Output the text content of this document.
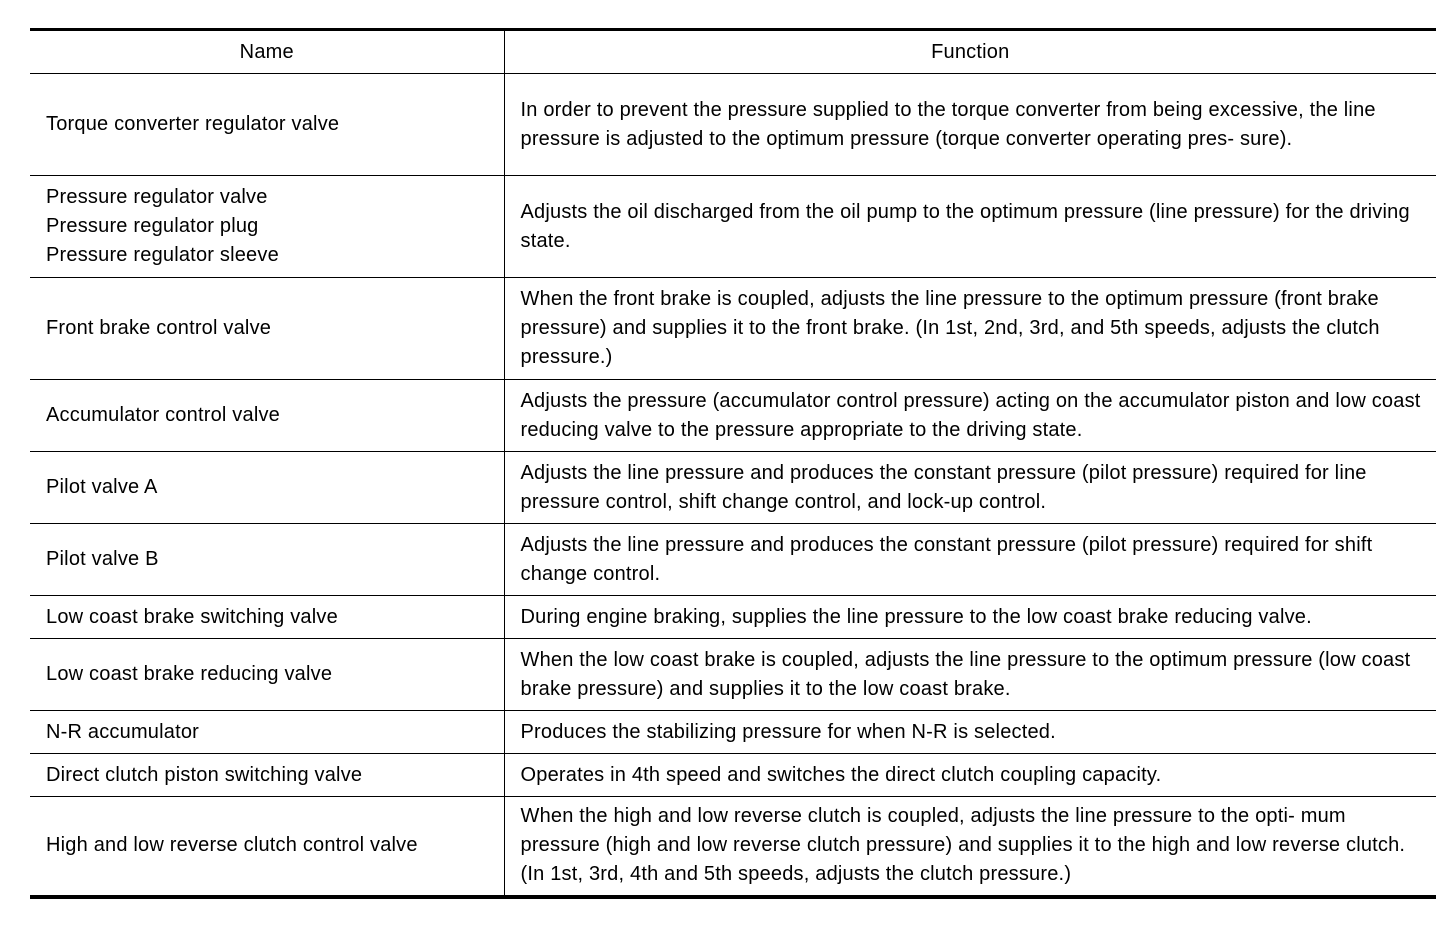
Name	Function
Torque converter regulator valve	In order to prevent the pressure supplied to the torque converter from being excessive, the line pressure is adjusted to the optimum pressure (torque converter operating pres- sure).
Pressure regulator valve
Pressure regulator plug
Pressure regulator sleeve	Adjusts the oil discharged from the oil pump to the optimum pressure (line pressure) for the driving state.
Front brake control valve	When the front brake is coupled, adjusts the line pressure to the optimum pressure (front brake pressure) and supplies it to the front brake. (In 1st, 2nd, 3rd, and 5th speeds, adjusts the clutch pressure.)
Accumulator control valve	Adjusts the pressure (accumulator control pressure) acting on the accumulator piston and low coast reducing valve to the pressure appropriate to the driving state.
Pilot valve A	Adjusts the line pressure and produces the constant pressure (pilot pressure) required for line pressure control, shift change control, and lock-up control.
Pilot valve B	Adjusts the line pressure and produces the constant pressure (pilot pressure) required for shift change control.
Low coast brake switching valve	During engine braking, supplies the line pressure to the low coast brake reducing valve.
Low coast brake reducing valve	When the low coast brake is coupled, adjusts the line pressure to the optimum pressure (low coast brake pressure) and supplies it to the low coast brake.
N-R accumulator	Produces the stabilizing pressure for when N-R is selected.
Direct clutch piston switching valve	Operates in 4th speed and switches the direct clutch coupling capacity.
High and low reverse clutch control valve	When the high and low reverse clutch is coupled, adjusts the line pressure to the opti- mum pressure (high and low reverse clutch pressure) and supplies it to the high and low reverse clutch. (In 1st, 3rd, 4th and 5th speeds, adjusts the clutch pressure.)
